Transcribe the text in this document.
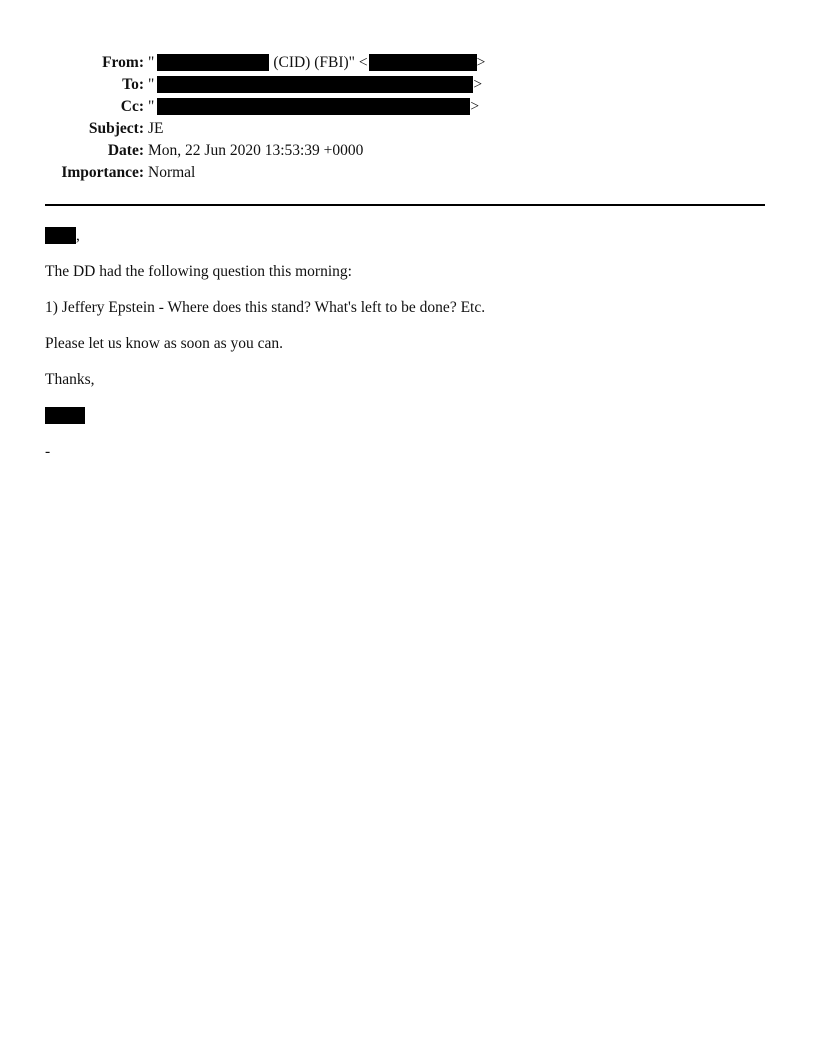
From: "	(CID) (FBI)" <	>
To: "	>
Cc: "	>
Subject: JE
Date: Mon, 22 Jun 2020 13:53:39 +0000
Importance: Normal

,

The DD had the following question this morning:

1) Jeffery Epstein - Where does this stand? What's left to be done? Etc.

Please let us know as soon as you can.

Thanks,

-
